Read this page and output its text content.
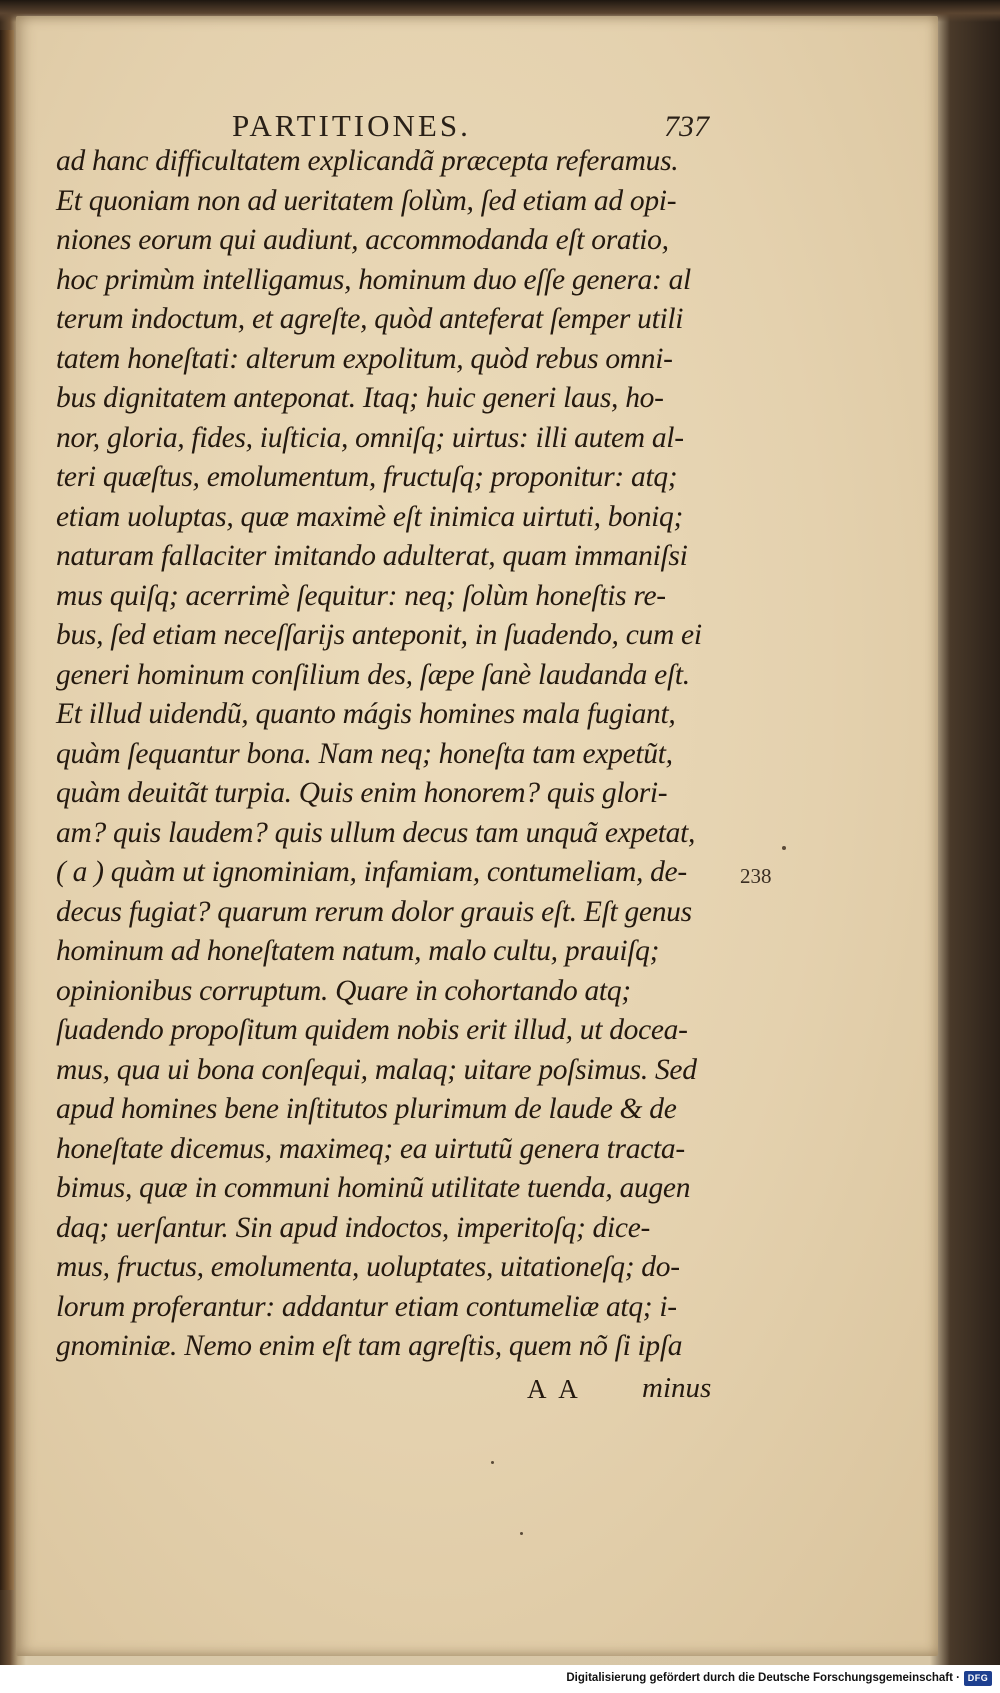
PARTITIONES.	737
ad hanc difficultatem explicandã præcepta referamus.
Et quoniam non ad ueritatem ſolùm, ſed etiam ad opi-
niones eorum qui audiunt, accommodanda eſt oratio,
hoc primùm intelligamus, hominum duo eſſe genera: al
terum indoctum, et agreſte, quòd anteferat ſemper utili
tatem honeſtati: alterum expolitum, quòd rebus omni-
bus dignitatem anteponat. Itaq; huic generi laus, ho-
nor, gloria, fides, iuſticia, omniſq; uirtus: illi autem al-
teri quæſtus, emolumentum, fructuſq; proponitur: atq;
etiam uoluptas, quæ maximè eſt inimica uirtuti, boniq;
naturam fallaciter imitando adulterat, quam immaniſsi
mus quiſq; acerrimè ſequitur: neq; ſolùm honeſtis re-
bus, ſed etiam neceſſarijs anteponit, in ſuadendo, cum ei
generi hominum conſilium des, ſæpe ſanè laudanda eſt.
Et illud uidendũ, quanto mágis homines mala fugiant,
quàm ſequantur bona. Nam neq; honeſta tam expetũt,
quàm deuitãt turpia. Quis enim honorem? quis glori-
am? quis laudem? quis ullum decus tam unquã expetat,
( a ) quàm ut ignominiam, infamiam, contumeliam, de-
decus fugiat? quarum rerum dolor grauis eſt. Eſt genus
hominum ad honeſtatem natum, malo cultu, prauiſq;
opinionibus corruptum. Quare in cohortando atq;
ſuadendo propoſitum quidem nobis erit illud, ut docea-
mus, qua ui bona conſequi, malaq; uitare poſsimus. Sed
apud homines bene inſtitutos plurimum de laude & de
honeſtate dicemus, maximeq; ea uirtutũ genera tracta-
bimus, quæ in communi hominũ utilitate tuenda, augen
daq; uerſantur. Sin apud indoctos, imperitoſq; dice-
mus, fructus, emolumenta, uoluptates, uitationeſq; do-
lorum proferantur: addantur etiam contumeliæ atq; i-
gnominiæ. Nemo enim eſt tam agreſtis, quem nõ ſi ipſa
238
A A minus
Digitalisierung gefördert durch die Deutsche Forschungsgemeinschaft · DFG
